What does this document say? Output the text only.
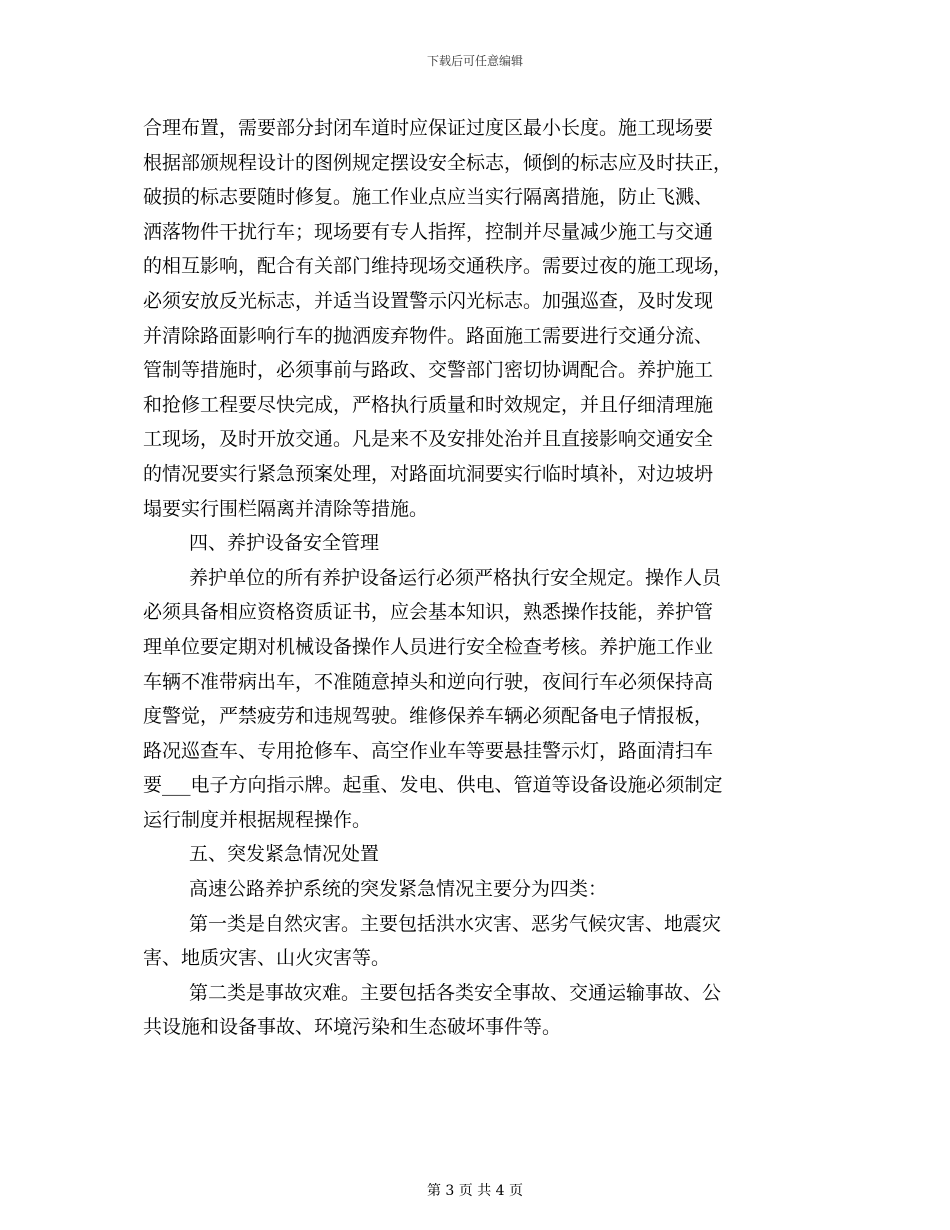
下载后可任意编辑
合理布置，需要部分封闭车道时应保证过度区最小长度。施工现场要
根据部颁规程设计的图例规定摆设安全标志，倾倒的标志应及时扶正，
破损的标志要随时修复。施工作业点应当实行隔离措施，防止飞溅、
洒落物件干扰行车；现场要有专人指挥，控制并尽量减少施工与交通
的相互影响，配合有关部门维持现场交通秩序。需要过夜的施工现场，
必须安放反光标志，并适当设置警示闪光标志。加强巡查，及时发现
并清除路面影响行车的抛洒废弃物件。路面施工需要进行交通分流、
管制等措施时，必须事前与路政、交警部门密切协调配合。养护施工
和抢修工程要尽快完成，严格执行质量和时效规定，并且仔细清理施
工现场，及时开放交通。凡是来不及安排处治并且直接影响交通安全
的情况要实行紧急预案处理，对路面坑洞要实行临时填补，对边坡坍
塌要实行围栏隔离并清除等措施。
四、养护设备安全管理
养护单位的所有养护设备运行必须严格执行安全规定。操作人员
必须具备相应资格资质证书，应会基本知识，熟悉操作技能，养护管
理单位要定期对机械设备操作人员进行安全检查考核。养护施工作业
车辆不准带病出车，不准随意掉头和逆向行驶，夜间行车必须保持高
度警觉，严禁疲劳和违规驾驶。维修保养车辆必须配备电子情报板，
路况巡查车、专用抢修车、高空作业车等要悬挂警示灯，路面清扫车
要___电子方向指示牌。起重、发电、供电、管道等设备设施必须制定
运行制度并根据规程操作。
五、突发紧急情况处置
高速公路养护系统的突发紧急情况主要分为四类：
第一类是自然灾害。主要包括洪水灾害、恶劣气候灾害、地震灾
害、地质灾害、山火灾害等。
第二类是事故灾难。主要包括各类安全事故、交通运输事故、公
共设施和设备事故、环境污染和生态破坏事件等。
第 3 页 共 4 页
